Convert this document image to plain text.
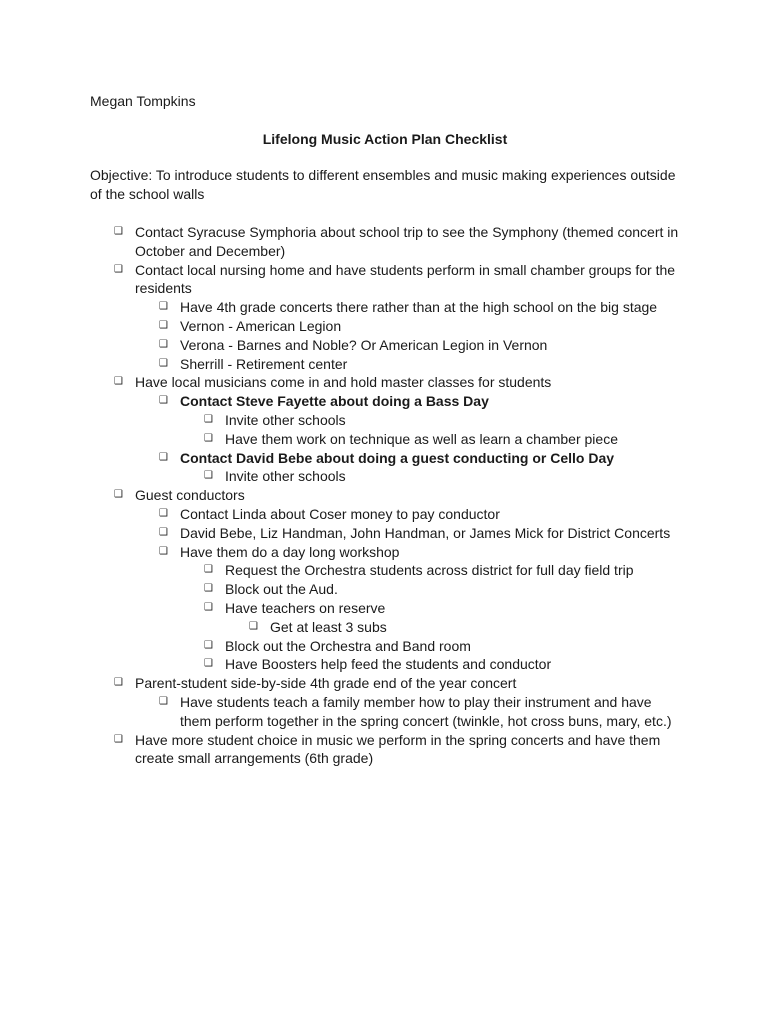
Megan Tompkins
Lifelong Music Action Plan Checklist
Objective: To introduce students to different ensembles and music making experiences outside of the school walls
❑ Contact Syracuse Symphoria about school trip to see the Symphony (themed concert in October and December)
❑ Contact local nursing home and have students perform in small chamber groups for the residents
❑ Have 4th grade concerts there rather than at the high school on the big stage
❑ Vernon - American Legion
❑ Verona - Barnes and Noble? Or American Legion in Vernon
❑ Sherrill - Retirement center
❑ Have local musicians come in and hold master classes for students
❑ Contact Steve Fayette about doing a Bass Day
❑ Invite other schools
❑ Have them work on technique as well as learn a chamber piece
❑ Contact David Bebe about doing a guest conducting or Cello Day
❑ Invite other schools
❑ Guest conductors
❑ Contact Linda about Coser money to pay conductor
❑ David Bebe, Liz Handman, John Handman, or James Mick for District Concerts
❑ Have them do a day long workshop
❑ Request the Orchestra students across district for full day field trip
❑ Block out the Aud.
❑ Have teachers on reserve
❑ Get at least 3 subs
❑ Block out the Orchestra and Band room
❑ Have Boosters help feed the students and conductor
❑ Parent-student side-by-side 4th grade end of the year concert
❑ Have students teach a family member how to play their instrument and have them perform together in the spring concert (twinkle, hot cross buns, mary, etc.)
❑ Have more student choice in music we perform in the spring concerts and have them create small arrangements (6th grade)
